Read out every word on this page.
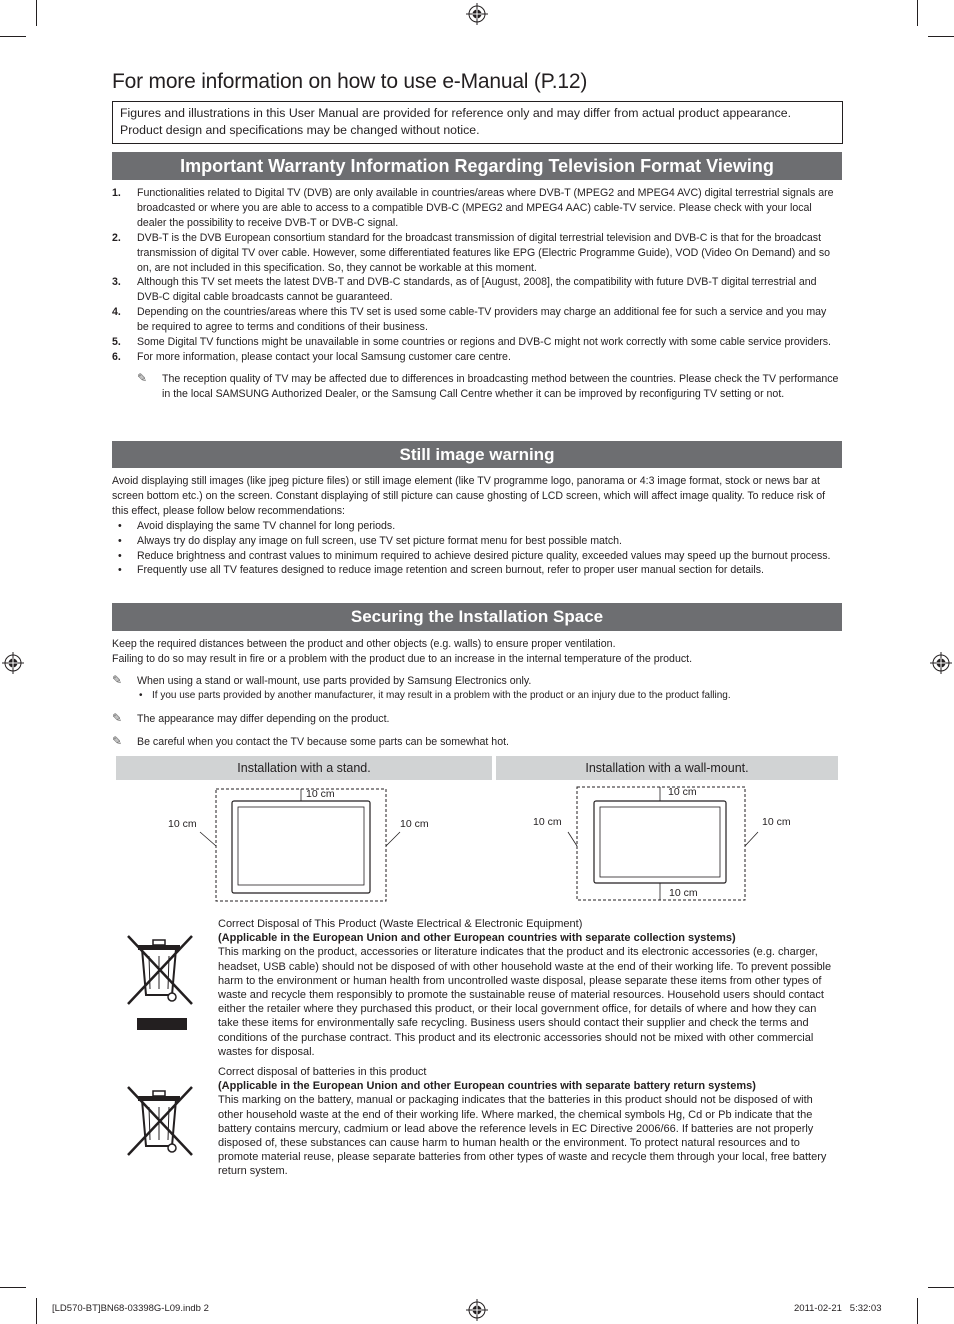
For more information on how to use e-Manual (P.12)
Figures and illustrations in this User Manual are provided for reference only and may differ from actual product appearance. Product design and specifications may be changed without notice.
Important Warranty Information Regarding Television Format Viewing
1. Functionalities related to Digital TV (DVB) are only available in countries/areas where DVB-T (MPEG2 and MPEG4 AVC) digital terrestrial signals are broadcasted or where you are able to access to a compatible DVB-C (MPEG2 and MPEG4 AAC) cable-TV service. Please check with your local dealer the possibility to receive DVB-T or DVB-C signal.
2. DVB-T is the DVB European consortium standard for the broadcast transmission of digital terrestrial television and DVB-C is that for the broadcast transmission of digital TV over cable. However, some differentiated features like EPG (Electric Programme Guide), VOD (Video On Demand) and so on, are not included in this specification. So, they cannot be workable at this moment.
3. Although this TV set meets the latest DVB-T and DVB-C standards, as of [August, 2008], the compatibility with future DVB-T digital terrestrial and DVB-C digital cable broadcasts cannot be guaranteed.
4. Depending on the countries/areas where this TV set is used some cable-TV providers may charge an additional fee for such a service and you may be required to agree to terms and conditions of their business.
5. Some Digital TV functions might be unavailable in some countries or regions and DVB-C might not work correctly with some cable service providers.
6. For more information, please contact your local Samsung customer care centre.
✎ The reception quality of TV may be affected due to differences in broadcasting method between the countries. Please check the TV performance in the local SAMSUNG Authorized Dealer, or the Samsung Call Centre whether it can be improved by reconfiguring TV setting or not.
Still image warning
Avoid displaying still images (like jpeg picture files) or still image element (like TV programme logo, panorama or 4:3 image format, stock or news bar at screen bottom etc.) on the screen. Constant displaying of still picture can cause ghosting of LCD screen, which will affect image quality. To reduce risk of this effect, please follow below recommendations:
• Avoid displaying the same TV channel for long periods.
• Always try do display any image on full screen, use TV set picture format menu for best possible match.
• Reduce brightness and contrast values to minimum required to achieve desired picture quality, exceeded values may speed up the burnout process.
• Frequently use all TV features designed to reduce image retention and screen burnout, refer to proper user manual section for details.
Securing the Installation Space
Keep the required distances between the product and other objects (e.g. walls) to ensure proper ventilation.
Failing to do so may result in fire or a problem with the product due to an increase in the internal temperature of the product.
✎ When using a stand or wall-mount, use parts provided by Samsung Electronics only.
• If you use parts provided by another manufacturer, it may result in a problem with the product or an injury due to the product falling.
✎ The appearance may differ depending on the product.
✎ Be careful when you contact the TV because some parts can be somewhat hot.
Installation with a stand.	Installation with a wall-mount.
10 cm
10 cm	10 cm
10 cm
10 cm	10 cm
10 cm
Correct Disposal of This Product (Waste Electrical & Electronic Equipment)
(Applicable in the European Union and other European countries with separate collection systems)
This marking on the product, accessories or literature indicates that the product and its electronic accessories (e.g. charger, headset, USB cable) should not be disposed of with other household waste at the end of their working life. To prevent possible harm to the environment or human health from uncontrolled waste disposal, please separate these items from other types of waste and recycle them responsibly to promote the sustainable reuse of material resources. Household users should contact either the retailer where they purchased this product, or their local government office, for details of where and how they can take these items for environmentally safe recycling. Business users should contact their supplier and check the terms and conditions of the purchase contract. This product and its electronic accessories should not be mixed with other commercial wastes for disposal.
Correct disposal of batteries in this product
(Applicable in the European Union and other European countries with separate battery return systems)
This marking on the battery, manual or packaging indicates that the batteries in this product should not be disposed of with other household waste at the end of their working life. Where marked, the chemical symbols Hg, Cd or Pb indicate that the battery contains mercury, cadmium or lead above the reference levels in EC Directive 2006/66. If batteries are not properly disposed of, these substances can cause harm to human health or the environment. To protect natural resources and to promote material reuse, please separate batteries from other types of waste and recycle them through your local, free battery return system.
[LD570-BT]BN68-03398G-L09.indb 2	2011-02-21   5:32:03
